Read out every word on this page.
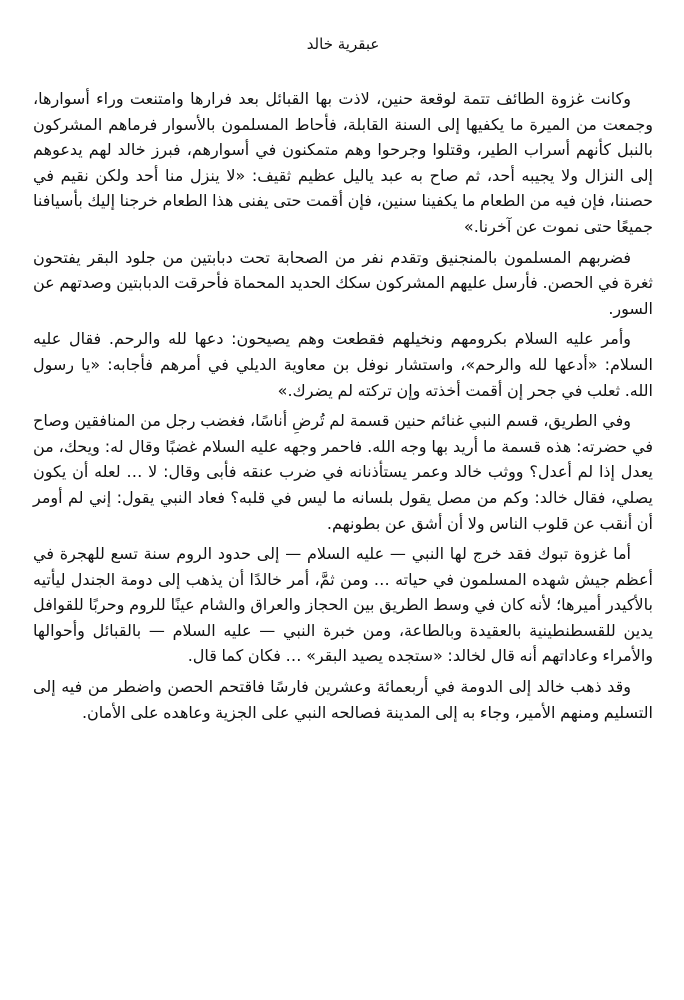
عبقرية خالد

وكانت غزوة الطائف تتمة لوقعة حنين، لاذت بها القبائل بعد فرارها وامتنعت وراء أسوارها، وجمعت من الميرة ما يكفيها إلى السنة القابلة، فأحاط المسلمون بالأسوار فرماهم المشركون بالنبل كأنهم أسراب الطير، وقتلوا وجرحوا وهم متمكنون في أسوارهم، فبرز خالد لهم يدعوهم إلى النزال ولا يجيبه أحد، ثم صاح به عبد ياليل عظيم ثقيف: «لا ينزل منا أحد ولكن نقيم في حصننا، فإن فيه من الطعام ما يكفينا سنين، فإن أقمت حتى يفنى هذا الطعام خرجنا إليك بأسيافنا جميعًا حتى نموت عن آخرنا.»

فضربهم المسلمون بالمنجنيق وتقدم نفر من الصحابة تحت دبابتين من جلود البقر يفتحون ثغرة في الحصن. فأرسل عليهم المشركون سكك الحديد المحماة فأحرقت الدبابتين وصدتهم عن السور.

وأمر عليه السلام بكرومهم ونخيلهم فقطعت وهم يصيحون: دعها لله والرحم. فقال عليه السلام: «أدعها لله والرحم»، واستشار نوفل بن معاوية الديلي في أمرهم فأجابه: «يا رسول الله. ثعلب في جحر إن أقمت أخذته وإن تركته لم يضرك.»

وفي الطريق، قسم النبي غنائم حنين قسمة لم تُرضِ أناسًا، فغضب رجل من المنافقين وصاح في حضرته: هذه قسمة ما أريد بها وجه الله. فاحمر وجهه عليه السلام غضبًا وقال له: ويحك، من يعدل إذا لم أعدل؟ ووثب خالد وعمر يستأذنانه في ضرب عنقه فأبى وقال: لا … لعله أن يكون يصلي، فقال خالد: وكم من مصل يقول بلسانه ما ليس في قلبه؟ فعاد النبي يقول: إني لم أومر أن أنقب عن قلوب الناس ولا أن أشق عن بطونهم.

أما غزوة تبوك فقد خرج لها النبي — عليه السلام — إلى حدود الروم سنة تسع للهجرة في أعظم جيش شهده المسلمون في حياته … ومن ثمَّ، أمر خالدًا أن يذهب إلى دومة الجندل ليأتيه بالأكيدر أميرها؛ لأنه كان في وسط الطريق بين الحجاز والعراق والشام عينًا للروم وحربًا للقوافل يدين للقسطنطينية بالعقيدة وبالطاعة، ومن خبرة النبي — عليه السلام — بالقبائل وأحوالها والأمراء وعاداتهم أنه قال لخالد: «ستجده يصيد البقر» … فكان كما قال.

وقد ذهب خالد إلى الدومة في أربعمائة وعشرين فارسًا فاقتحم الحصن واضطر من فيه إلى التسليم ومنهم الأمير، وجاء به إلى المدينة فصالحه النبي على الجزية وعاهده على الأمان.
